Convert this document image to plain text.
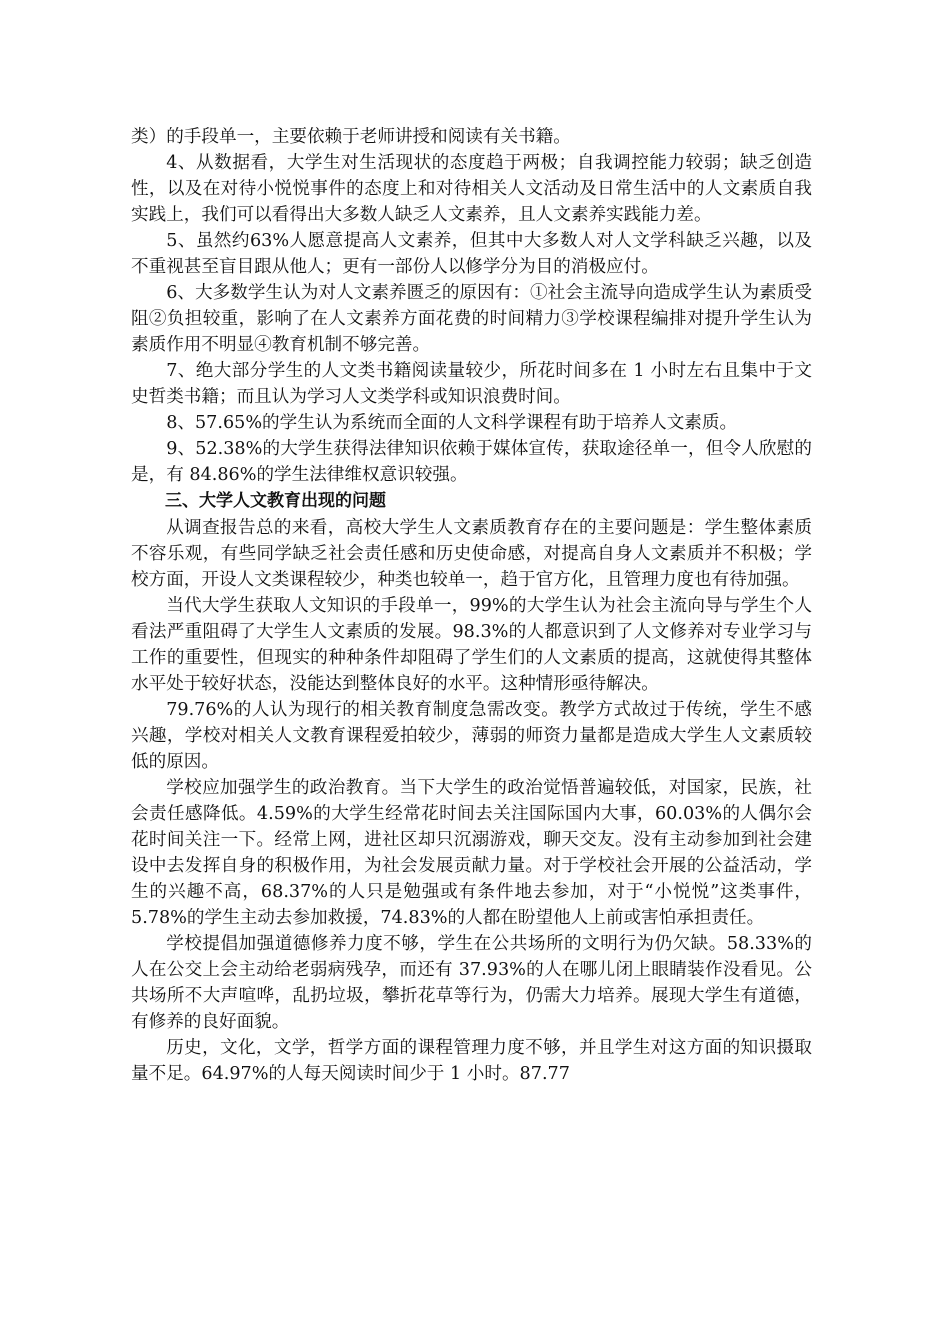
类）的手段单一，主要依赖于老师讲授和阅读有关书籍。

4、从数据看，大学生对生活现状的态度趋于两极；自我调控能力较弱；缺乏创造性，以及在对待小悦悦事件的态度上和对待相关人文活动及日常生活中的人文素质自我实践上，我们可以看得出大多数人缺乏人文素养，且人文素养实践能力差。

5、虽然约63%人愿意提高人文素养，但其中大多数人对人文学科缺乏兴趣，以及不重视甚至盲目跟从他人；更有一部份人以修学分为目的消极应付。

6、大多数学生认为对人文素养匮乏的原因有：①社会主流导向造成学生认为素质受阻②负担较重，影响了在人文素养方面花费的时间精力③学校课程编排对提升学生认为素质作用不明显④教育机制不够完善。

7、绝大部分学生的人文类书籍阅读量较少，所花时间多在 1 小时左右且集中于文史哲类书籍；而且认为学习人文类学科或知识浪费时间。

8、57.65%的学生认为系统而全面的人文科学课程有助于培养人文素质。

9、52.38%的大学生获得法律知识依赖于媒体宣传，获取途径单一，但令人欣慰的是，有 84.86%的学生法律维权意识较强。

三、大学人文教育出现的问题

从调查报告总的来看，高校大学生人文素质教育存在的主要问题是：学生整体素质不容乐观，有些同学缺乏社会责任感和历史使命感，对提高自身人文素质并不积极；学校方面，开设人文类课程较少，种类也较单一，趋于官方化，且管理力度也有待加强。

当代大学生获取人文知识的手段单一，99%的大学生认为社会主流向导与学生个人看法严重阻碍了大学生人文素质的发展。98.3%的人都意识到了人文修养对专业学习与工作的重要性，但现实的种种条件却阻碍了学生们的人文素质的提高，这就使得其整体水平处于较好状态，没能达到整体良好的水平。这种情形亟待解决。

79.76%的人认为现行的相关教育制度急需改变。教学方式故过于传统，学生不感兴趣，学校对相关人文教育课程爱拍较少，薄弱的师资力量都是造成大学生人文素质较低的原因。

学校应加强学生的政治教育。当下大学生的政治觉悟普遍较低，对国家，民族，社会责任感降低。4.59%的大学生经常花时间去关注国际国内大事，60.03%的人偶尔会花时间关注一下。经常上网，进社区却只沉溺游戏，聊天交友。没有主动参加到社会建设中去发挥自身的积极作用，为社会发展贡献力量。对于学校社会开展的公益活动，学生的兴趣不高，68.37%的人只是勉强或有条件地去参加，对于“小悦悦”这类事件，5.78%的学生主动去参加救援，74.83%的人都在盼望他人上前或害怕承担责任。

学校提倡加强道德修养力度不够，学生在公共场所的文明行为仍欠缺。58.33%的人在公交上会主动给老弱病残孕，而还有 37.93%的人在哪儿闭上眼睛装作没看见。公共场所不大声喧哗，乱扔垃圾，攀折花草等行为，仍需大力培养。展现大学生有道德，有修养的良好面貌。

历史，文化，文学，哲学方面的课程管理力度不够，并且学生对这方面的知识摄取量不足。64.97%的人每天阅读时间少于 1 小时。87.77
